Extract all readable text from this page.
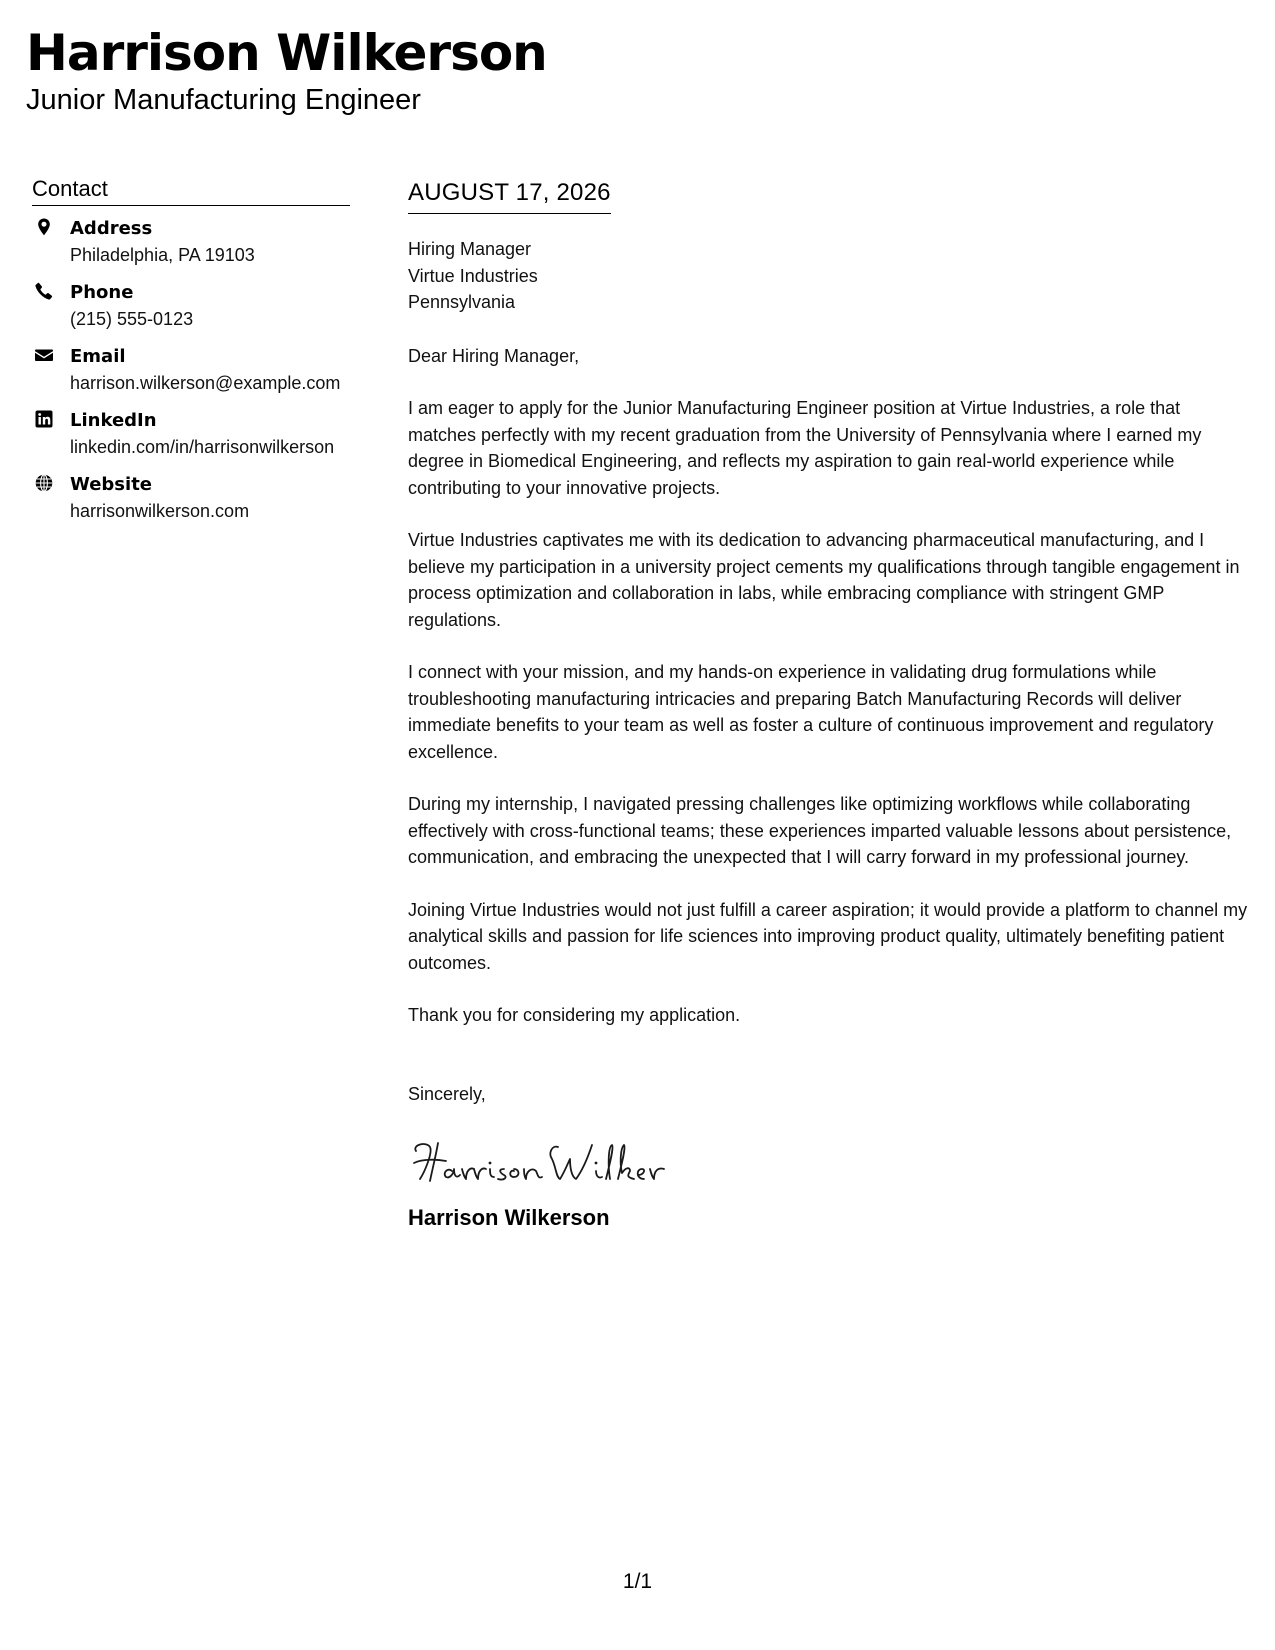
Harrison Wilkerson
Junior Manufacturing Engineer
Contact
Address
Philadelphia, PA 19103
Phone
(215) 555-0123
Email
harrison.wilkerson@example.com
LinkedIn
linkedin.com/in/harrisonwilkerson
Website
harrisonwilkerson.com
AUGUST 17, 2026
Hiring Manager
Virtue Industries
Pennsylvania
Dear Hiring Manager,
I am eager to apply for the Junior Manufacturing Engineer position at Virtue Industries, a role that matches perfectly with my recent graduation from the University of Pennsylvania where I earned my degree in Biomedical Engineering, and reflects my aspiration to gain real-world experience while contributing to your innovative projects.
Virtue Industries captivates me with its dedication to advancing pharmaceutical manufacturing, and I believe my participation in a university project cements my qualifications through tangible engagement in process optimization and collaboration in labs, while embracing compliance with stringent GMP regulations.
I connect with your mission, and my hands-on experience in validating drug formulations while troubleshooting manufacturing intricacies and preparing Batch Manufacturing Records will deliver immediate benefits to your team as well as foster a culture of continuous improvement and regulatory excellence.
During my internship, I navigated pressing challenges like optimizing workflows while collaborating effectively with cross-functional teams; these experiences imparted valuable lessons about persistence, communication, and embracing the unexpected that I will carry forward in my professional journey.
Joining Virtue Industries would not just fulfill a career aspiration; it would provide a platform to channel my analytical skills and passion for life sciences into improving product quality, ultimately benefiting patient outcomes.
Thank you for considering my application.
Sincerely,
Harrison Wilkerson
1/1
